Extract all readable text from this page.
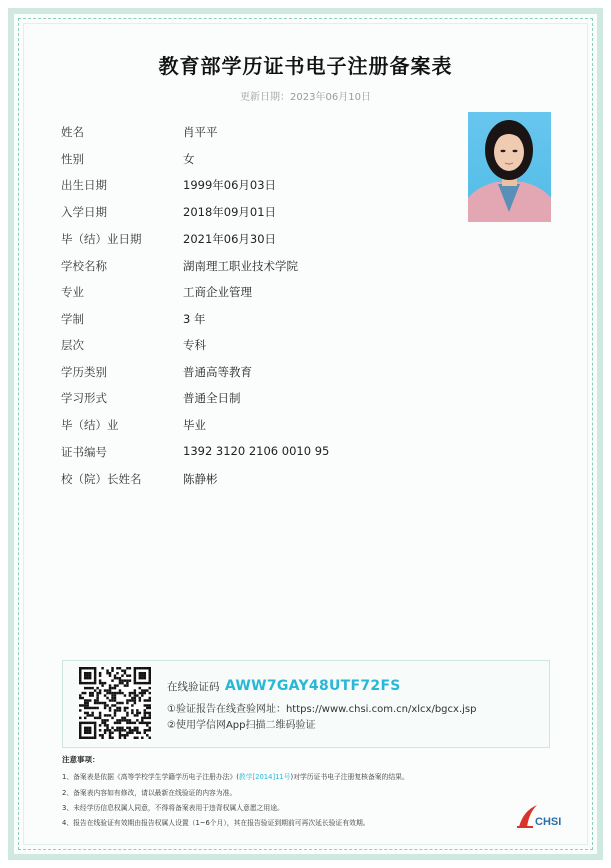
教育部学历证书电子注册备案表
更新日期：2023年06月10日
姓名	肖平平
性别	女
出生日期	1999年06月03日
入学日期	2018年09月01日
毕（结）业日期	2021年06月30日
学校名称	湖南理工职业技术学院
专业	工商企业管理
学制	3 年
层次	专科
学历类别	普通高等教育
学习形式	普通全日制
毕（结）业	毕业
证书编号	1392 3120 2106 0010 95
校（院）长姓名	陈静彬
在线验证码 AWW7GAY48UTF72FS
①验证报告在线查验网址：https://www.chsi.com.cn/xlcx/bgcx.jsp
②使用学信网App扫描二维码验证
注意事项：
1、备案表是依据《高等学校学生学籍学历电子注册办法》(教学[2014]11号)对学历证书电子注册复核备案的结果。
2、备案表内容如有修改，请以最新在线验证的内容为准。
3、未经学历信息权属人同意，不得将备案表用于违背权属人意愿之用途。
4、报告在线验证有效期由报告权属人设置（1~6个月），其在报告验证到期前可再次延长验证有效期。	CHSI
